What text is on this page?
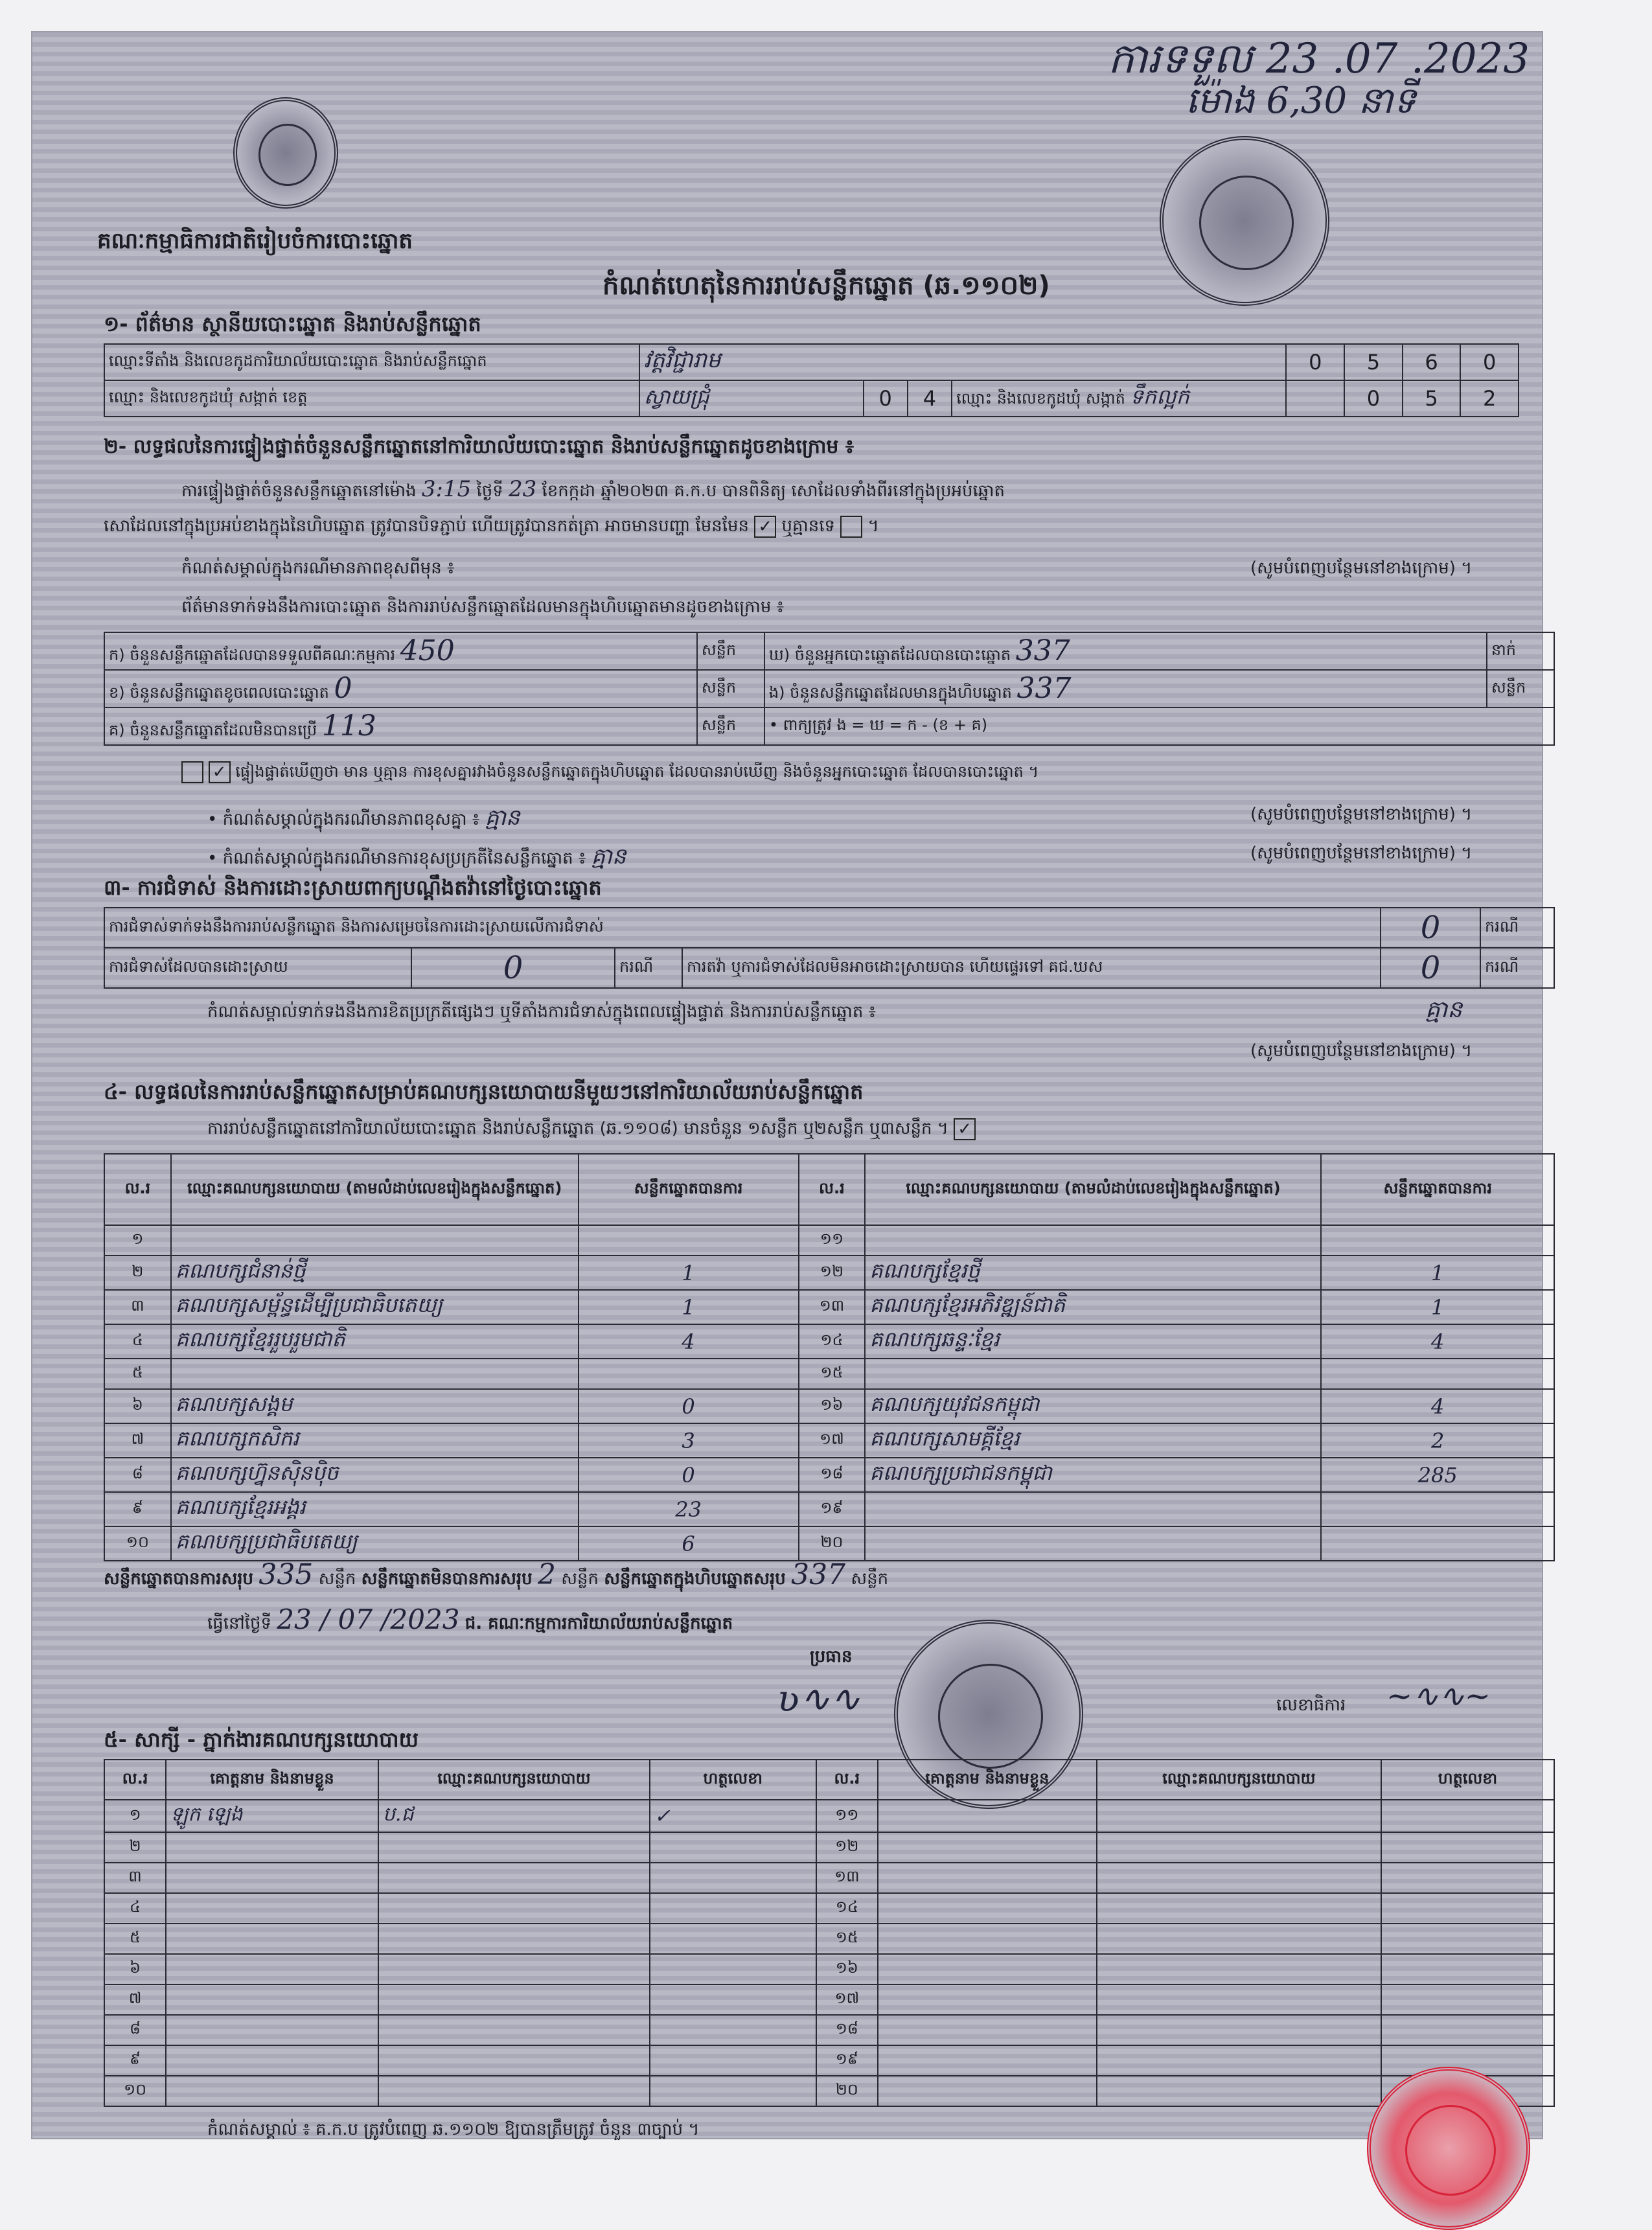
ការទទួល 23 .07 .2023
ម៉ោង 6,30 នាទី
គណៈកម្មាធិការជាតិរៀបចំការបោះឆ្នោត
កំណត់ហេតុនៃការរាប់សន្លឹកឆ្នោត (ឆ.១១០២)
១- ព័ត៌មាន ស្ថានីយបោះឆ្នោត និងរាប់សន្លឹកឆ្នោត
ឈ្មោះទីតាំង និងលេខកូដការិយាល័យបោះឆ្នោត និងរាប់សន្លឹកឆ្នោត	វត្តវិជ្ជារាម				0	5	6	0
ឈ្មោះ និងលេខកូដឃុំ សង្កាត់ ខេត្ត	ស្វាយជ្រុំ	0	4	ឈ្មោះ និងលេខកូដឃុំ សង្កាត់ ទឹកល្អក់		0	5	2
២- លទ្ធផលនៃការផ្ទៀងផ្ទាត់ចំនួនសន្លឹកឆ្នោតនៅការិយាល័យបោះឆ្នោត និងរាប់សន្លឹកឆ្នោតដូចខាងក្រោម ៖
ការផ្ទៀងផ្ទាត់ចំនួនសន្លឹកឆ្នោតនៅម៉ោង 3:15 ថ្ងៃទី 23 ខែកក្កដា ឆ្នាំ២០២៣ គ.ក.ប បានពិនិត្យ សោដែលទាំងពីរនៅក្នុងប្រអប់ឆ្នោត
សោដែលនៅក្នុងប្រអប់ខាងក្នុងនៃហិបឆ្នោត ត្រូវបានបិទភ្ជាប់ ហើយត្រូវបានកត់ត្រា អាចមានបញ្ហា មែនមែន ✓ ឬគ្មានទេ  ។
កំណត់សម្គាល់ក្នុងករណីមានភាពខុសពីមុន ៖	(សូមបំពេញបន្ថែមនៅខាងក្រោម) ។
ព័ត៌មានទាក់ទងនឹងការបោះឆ្នោត និងការរាប់សន្លឹកឆ្នោតដែលមានក្នុងហិបឆ្នោតមានដូចខាងក្រោម ៖
ក) ចំនួនសន្លឹកឆ្នោតដែលបានទទួលពីគណៈកម្មការ 450	សន្លឹក	ឃ) ចំនួនអ្នកបោះឆ្នោតដែលបានបោះឆ្នោត 337	នាក់
ខ) ចំនួនសន្លឹកឆ្នោតខូចពេលបោះឆ្នោត 0	សន្លឹក	ង) ចំនួនសន្លឹកឆ្នោតដែលមានក្នុងហិបឆ្នោត 337	សន្លឹក
គ) ចំនួនសន្លឹកឆ្នោតដែលមិនបានប្រើ 113	សន្លឹក	• ពាក្យត្រូវ ង = ឃ = ក - (ខ + គ)	
✓ ផ្ទៀងផ្ទាត់ឃើញថា មាន ឬគ្មាន ការខុសគ្នារវាងចំនួនសន្លឹកឆ្នោតក្នុងហិបឆ្នោត ដែលបានរាប់ឃើញ និងចំនួនអ្នកបោះឆ្នោត ដែលបានបោះឆ្នោត ។
• កំណត់សម្គាល់ក្នុងករណីមានភាពខុសគ្នា ៖ គ្មាន	(សូមបំពេញបន្ថែមនៅខាងក្រោម) ។
• កំណត់សម្គាល់ក្នុងករណីមានការខុសប្រក្រតីនៃសន្លឹកឆ្នោត ៖ គ្មាន	(សូមបំពេញបន្ថែមនៅខាងក្រោម) ។
៣- ការជំទាស់ និងការដោះស្រាយពាក្យបណ្ដឹងតវ៉ានៅថ្ងៃបោះឆ្នោត
ការជំទាស់ទាក់ទងនឹងការរាប់សន្លឹកឆ្នោត និងការសម្រេចនៃការដោះស្រាយលើការជំទាស់				0	ករណី
ការជំទាស់ដែលបានដោះស្រាយ	0	ករណី	ការតវ៉ា ឬការជំទាស់ដែលមិនអាចដោះស្រាយបាន ហើយផ្ទេរទៅ គជ.ឃស	0	ករណី
កំណត់សម្គាល់ទាក់ទងនឹងការខិតប្រក្រតីផ្សេងៗ ឬទីតាំងការជំទាស់ក្នុងពេលផ្ទៀងផ្ទាត់ និងការរាប់សន្លឹកឆ្នោត ៖	គ្មាន
(សូមបំពេញបន្ថែមនៅខាងក្រោម) ។
៤- លទ្ធផលនៃការរាប់សន្លឹកឆ្នោតសម្រាប់គណបក្សនយោបាយនីមួយៗនៅការិយាល័យរាប់សន្លឹកឆ្នោត
ការរាប់សន្លឹកឆ្នោតនៅការិយាល័យបោះឆ្នោត និងរាប់សន្លឹកឆ្នោត (ឆ.១១០៨) មានចំនួន ១សន្លឹក ឬ២សន្លឹក ឬ៣សន្លឹក ។ ✓
ល.រ	ឈ្មោះគណបក្សនយោបាយ (តាមលំដាប់លេខរៀងក្នុងសន្លឹកឆ្នោត)	សន្លឹកឆ្នោតបានការ	ល.រ	ឈ្មោះគណបក្សនយោបាយ (តាមលំដាប់លេខរៀងក្នុងសន្លឹកឆ្នោត)	សន្លឹកឆ្នោតបានការ
១			១១		
២	គណបក្សជំនាន់ថ្មី	1	១២	គណបក្សខ្មែរថ្មី	1
៣	គណបក្សសម្ព័ន្ធដើម្បីប្រជាធិបតេយ្យ	1	១៣	គណបក្សខ្មែរអភិវឌ្ឍន៍ជាតិ	1
៤	គណបក្សខ្មែររួបរួមជាតិ	4	១៤	គណបក្សឆន្ទៈខ្មែរ	4
៥			១៥		
៦	គណបក្សសង្គម	0	១៦	គណបក្សយុវជនកម្ពុជា	4
៧	គណបក្សកសិករ	3	១៧	គណបក្សសាមគ្គីខ្មែរ	2
៨	គណបក្សហ្វ៊ុនស៊ិនប៉ិច	0	១៨	គណបក្សប្រជាជនកម្ពុជា	285
៩	គណបក្សខ្មែរអង្គរ	23	១៩		
១០	គណបក្សប្រជាធិបតេយ្យ	6	២០		
សន្លឹកឆ្នោតបានការសរុប 335 សន្លឹក សន្លឹកឆ្នោតមិនបានការសរុប 2 សន្លឹក សន្លឹកឆ្នោតក្នុងហិបឆ្នោតសរុប 337 សន្លឹក
ធ្វើនៅថ្ងៃទី 23 / 07 /2023 ជ. គណៈកម្មការការិយាល័យរាប់សន្លឹកឆ្នោត
ប្រធាន
ʋ∿∿	លេខាធិការ ~∿∿~
៥- សាក្សី - ភ្នាក់ងារគណបក្សនយោបាយ
ល.រ	គោត្តនាម និងនាមខ្លួន	ឈ្មោះគណបក្សនយោបាយ	ហត្ថលេខា	ល.រ	គោត្តនាម និងនាមខ្លួន	ឈ្មោះគណបក្សនយោបាយ	ហត្ថលេខា
១	ឡូក ឡេង	ប.ជ	✓	១១			
២				១២			
៣				១៣			
៤				១៤			
៥				១៥			
៦				១៦			
៧				១៧			
៨				១៨			
៩				១៩			
១០				២០			
កំណត់សម្គាល់ ៖ គ.ក.ប ត្រូវបំពេញ ឆ.១១០២ ឱ្យបានត្រឹមត្រូវ ចំនួន ៣ច្បាប់ ។
